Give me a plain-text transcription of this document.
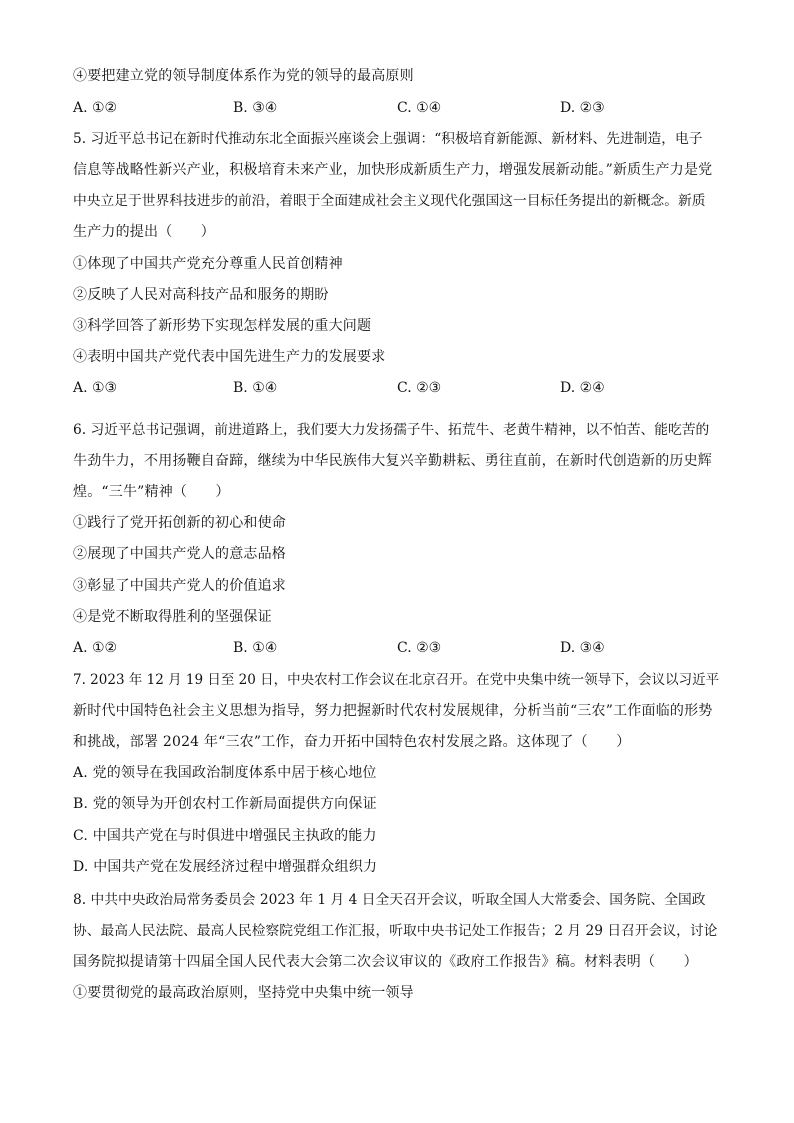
④要把建立党的领导制度体系作为党的领导的最高原则
A. ①②	B. ③④	C. ①④	D. ②③
5. 习近平总书记在新时代推动东北全面振兴座谈会上强调：“积极培育新能源、新材料、先进制造，电子
信息等战略性新兴产业，积极培育未来产业，加快形成新质生产力，增强发展新动能。”新质生产力是党
中央立足于世界科技进步的前沿，着眼于全面建成社会主义现代化强国这一目标任务提出的新概念。新质
生产力的提出（　　）
①体现了中国共产党充分尊重人民首创精神
②反映了人民对高科技产品和服务的期盼
③科学回答了新形势下实现怎样发展的重大问题
④表明中国共产党代表中国先进生产力的发展要求
A. ①③	B. ①④	C. ②③	D. ②④
6. 习近平总书记强调，前进道路上，我们要大力发扬孺子牛、拓荒牛、老黄牛精神，以不怕苦、能吃苦的
牛劲牛力，不用扬鞭自奋蹄，继续为中华民族伟大复兴辛勤耕耘、勇往直前，在新时代创造新的历史辉
煌。“三牛”精神（　　）
①践行了党开拓创新的初心和使命
②展现了中国共产党人的意志品格
③彰显了中国共产党人的价值追求
④是党不断取得胜利的坚强保证
A. ①②	B. ①④	C. ②③	D. ③④
7. 2023 年 12 月 19 日至 20 日，中央农村工作会议在北京召开。在党中央集中统一领导下，会议以习近平
新时代中国特色社会主义思想为指导，努力把握新时代农村发展规律，分析当前“三农”工作面临的形势
和挑战，部署 2024 年“三农”工作，奋力开拓中国特色农村发展之路。这体现了（　　）
A. 党的领导在我国政治制度体系中居于核心地位
B. 党的领导为开创农村工作新局面提供方向保证
C. 中国共产党在与时俱进中增强民主执政的能力
D. 中国共产党在发展经济过程中增强群众组织力
8. 中共中央政治局常务委员会 2023 年 1 月 4 日全天召开会议，听取全国人大常委会、国务院、全国政
协、最高人民法院、最高人民检察院党组工作汇报，听取中央书记处工作报告；2 月 29 日召开会议，讨论
国务院拟提请第十四届全国人民代表大会第二次会议审议的《政府工作报告》稿。材料表明（　　）
①要贯彻党的最高政治原则，坚持党中央集中统一领导
